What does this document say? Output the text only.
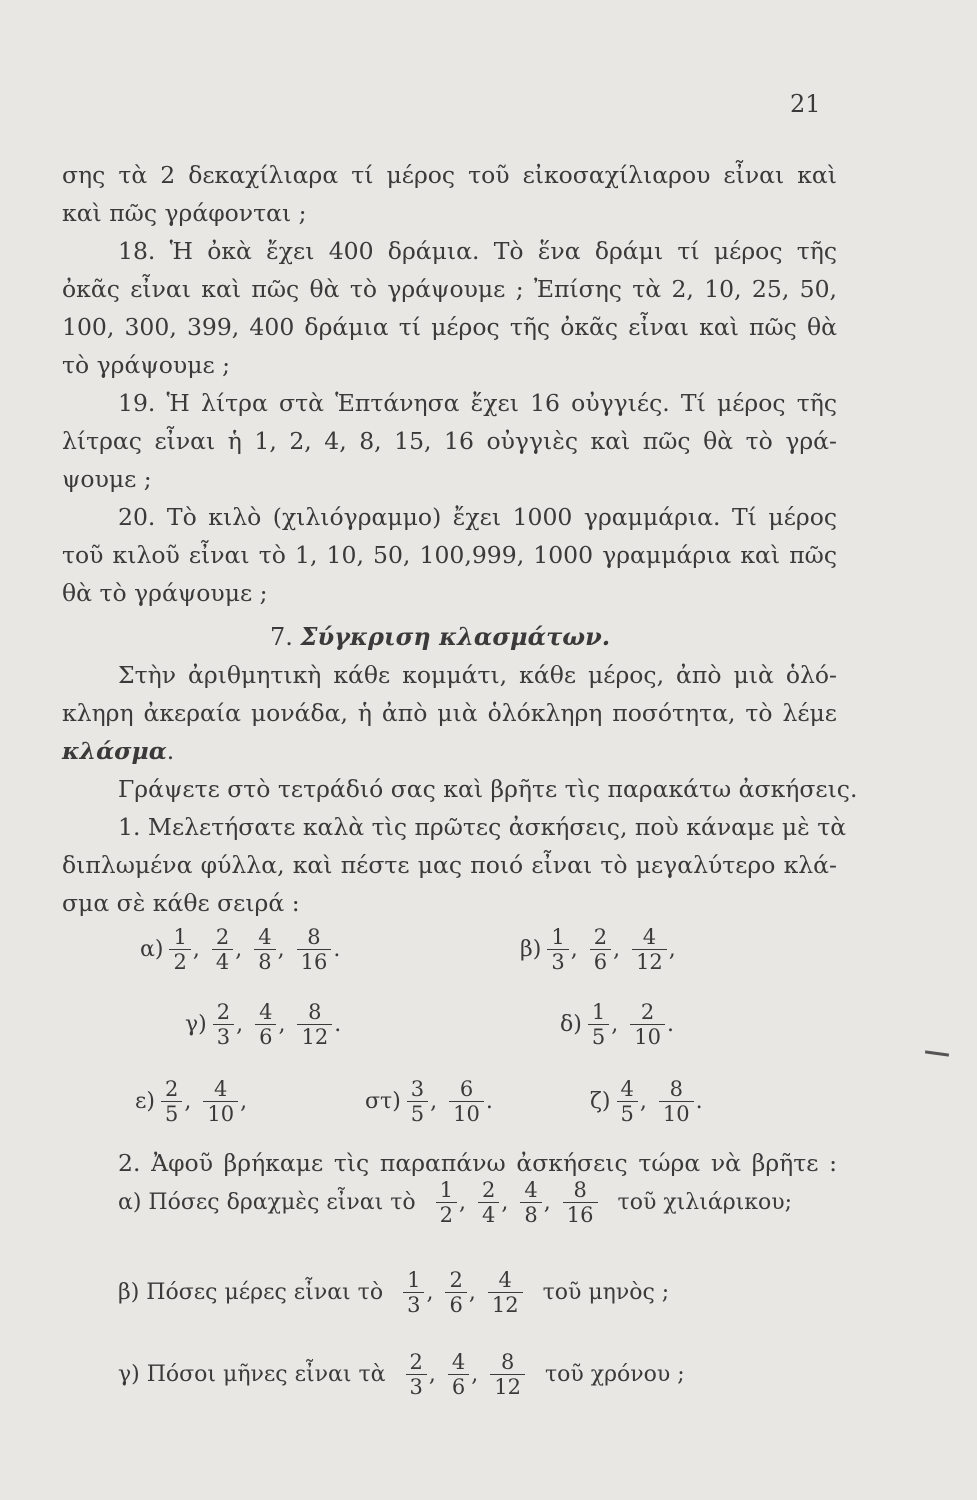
21
σης τὰ 2 δεκαχίλιαρα τί μέρος τοῦ εἰκοσαχίλιαρου εἶναι καὶ
καὶ πῶς γράφονται ;
18. Ἡ ὀκὰ ἔχει 400 δράμια. Τὸ ἕνα δράμι τί μέρος τῆς
ὀκᾶς εἶναι καὶ πῶς θὰ τὸ γράψουμε ; Ἐπίσης τὰ 2, 10, 25, 50,
100, 300, 399, 400 δράμια τί μέρος τῆς ὀκᾶς εἶναι καὶ πῶς θὰ
τὸ γράψουμε ;
19. Ἡ λίτρα στὰ Ἑπτάνησα ἔχει 16 οὐγγιές. Τί μέρος τῆς
λίτρας εἶναι ἡ 1, 2, 4, 8, 15, 16 οὐγγιὲς καὶ πῶς θὰ τὸ γρά-
ψουμε ;
20. Τὸ κιλὸ (χιλιόγραμμο) ἔχει 1000 γραμμάρια. Τί μέρος
τοῦ κιλοῦ εἶναι τὸ 1, 10, 50, 100,999, 1000 γραμμάρια καὶ πῶς
θὰ τὸ γράψουμε ;
7. Σύγκριση κλασμάτων.
Στὴν ἀριθμητικὴ κάθε κομμάτι, κάθε μέρος, ἀπὸ μιὰ ὁλό-
κληρη ἀκεραία μονάδα, ἡ ἀπὸ μιὰ ὁλόκληρη ποσότητα, τὸ λέμε
κλάσμα.
Γράψετε στὸ τετράδιό σας καὶ βρῆτε τὶς παρακάτω ἀσκήσεις.
1. Μελετήσατε καλὰ τὶς πρῶτες ἀσκήσεις, ποὺ κάναμε μὲ τὰ
διπλωμένα φύλλα, καὶ πέστε μας ποιό εἶναι τὸ μεγαλύτερο κλά-
σμα σὲ κάθε σειρά :
$\alpha) \frac{1}{2}$ , $\frac{2}{4}$ , $\frac{4}{8}$ , $\frac{8}{16}$ .	$\beta) \frac{1}{3}$ , $\frac{2}{6}$ , $\frac{4}{12}$ ,
$\gamma) \frac{2}{3}$ , $\frac{4}{6}$ , $\frac{8}{12}$ .	$\delta) \frac{1}{5}$ , $\frac{2}{10}$ .
$\varepsilon) \frac{2}{5}$ , $\frac{4}{10}$ ,	$\sigma\tau) \frac{3}{5}$ , $\frac{6}{10}$ .	$\zeta) \frac{4}{5}$ , $\frac{8}{10}$ .
2. Ἀφοῦ βρήκαμε τὶς παραπάνω ἀσκήσεις τώρα νὰ βρῆτε :
α) Πόσες δραχμὲς εἶναι τὸ $\frac{1}{2}$ , $\frac{2}{4}$ , $\frac{4}{8}$ , $\frac{8}{16}$ τοῦ χιλιάρικου;
β) Πόσες μέρες εἶναι τὸ $\frac{1}{3}$ , $\frac{2}{6}$ , $\frac{4}{12}$ τοῦ μηνὸς ;
γ) Πόσοι μῆνες εἶναι τὰ $\frac{2}{3}$ , $\frac{4}{6}$ , $\frac{8}{12}$ τοῦ χρόνου ;
